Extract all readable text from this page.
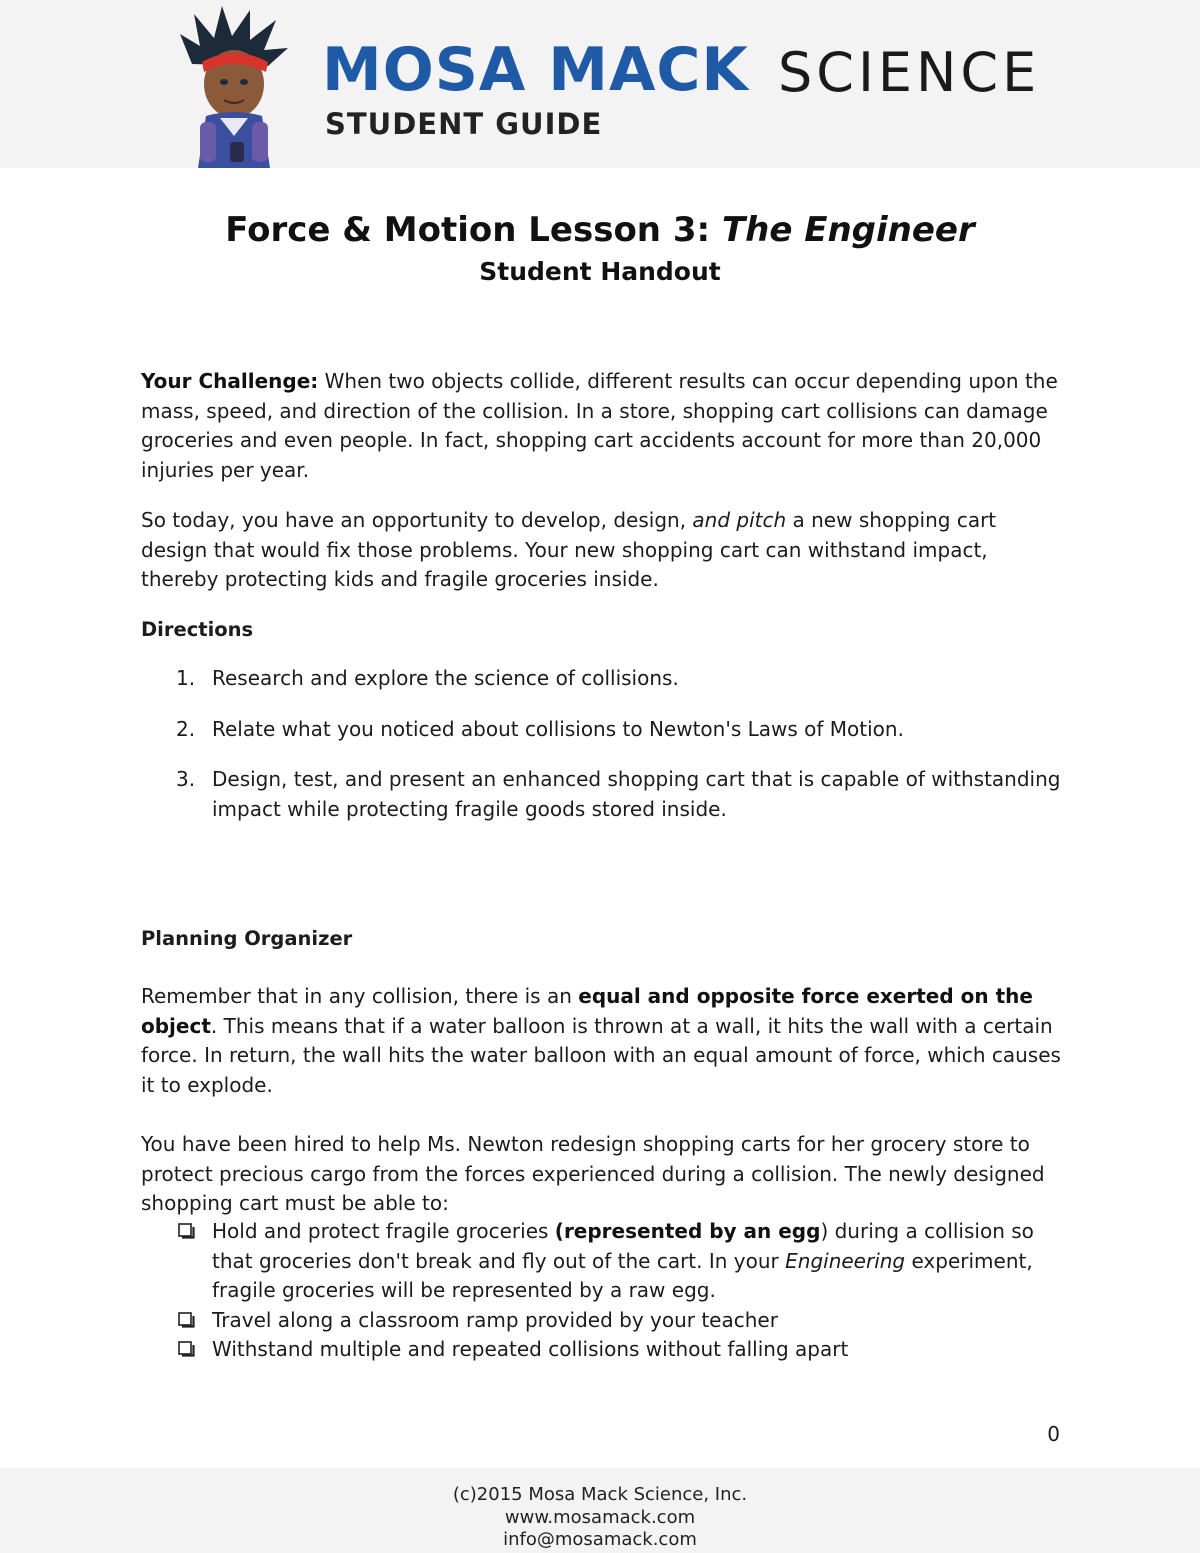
MOSA MACK SCIENCE
STUDENT GUIDE
Force & Motion Lesson 3: The Engineer
Student Handout

Your Challenge: When two objects collide, different results can occur depending upon the mass, speed, and direction of the collision. In a store, shopping cart collisions can damage groceries and even people. In fact, shopping cart accidents account for more than 20,000 injuries per year.

So today, you have an opportunity to develop, design, and pitch a new shopping cart design that would fix those problems. Your new shopping cart can withstand impact, thereby protecting kids and fragile groceries inside.

Directions
1. Research and explore the science of collisions.
2. Relate what you noticed about collisions to Newton's Laws of Motion.
3. Design, test, and present an enhanced shopping cart that is capable of withstanding impact while protecting fragile goods stored inside.
Planning Organizer

Remember that in any collision, there is an equal and opposite force exerted on the object. This means that if a water balloon is thrown at a wall, it hits the wall with a certain force. In return, the wall hits the water balloon with an equal amount of force, which causes it to explode.

You have been hired to help Ms. Newton redesign shopping carts for her grocery store to protect precious cargo from the forces experienced during a collision. The newly designed shopping cart must be able to:

Hold and protect fragile groceries (represented by an egg) during a collision so that groceries don't break and fly out of the cart. In your Engineering experiment, fragile groceries will be represented by a raw egg.
Travel along a classroom ramp provided by your teacher
Withstand multiple and repeated collisions without falling apart
0
(c)2015 Mosa Mack Science, Inc.
www.mosamack.com
info@mosamack.com
